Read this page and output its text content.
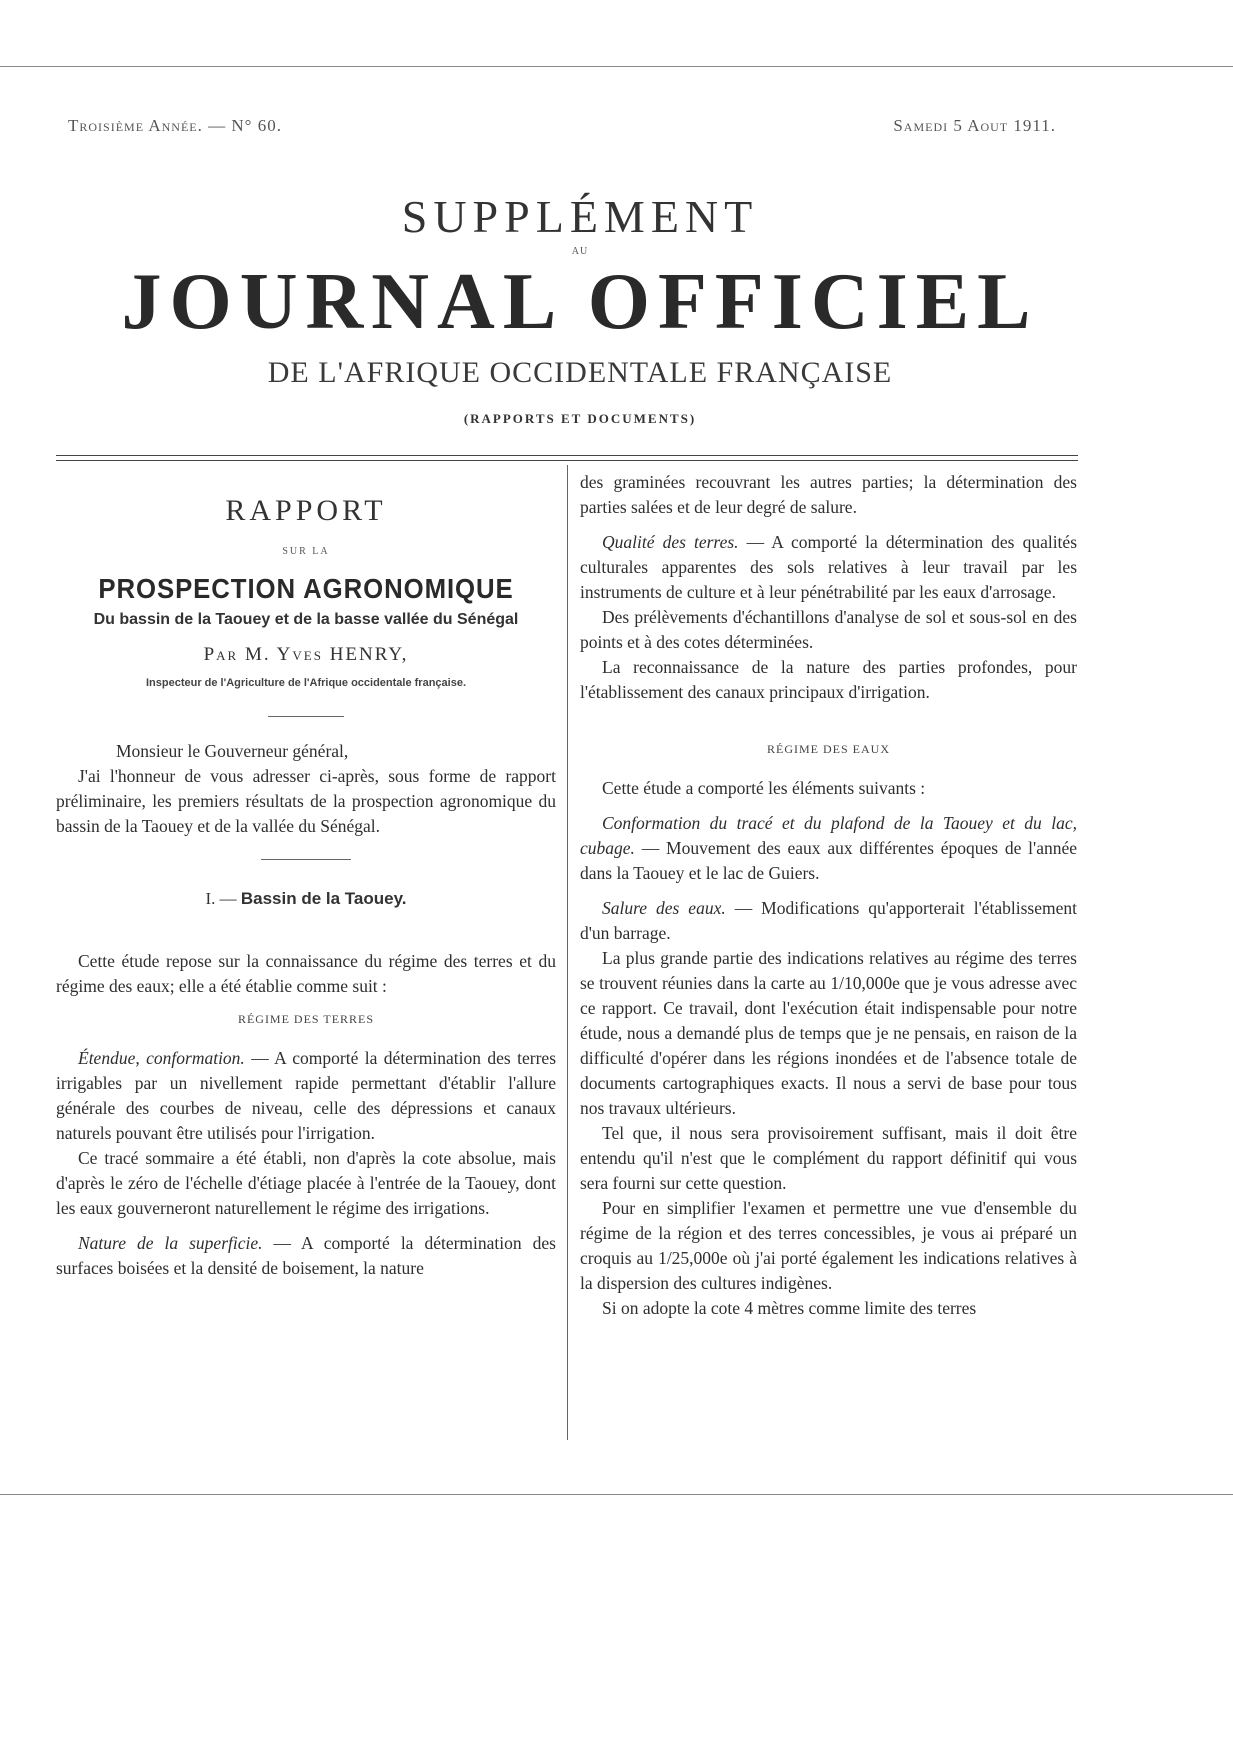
Troisième Année. — N° 60.	Samedi 5 Aout 1911.
SUPPLÉMENT
AU
JOURNAL OFFICIEL
DE L'AFRIQUE OCCIDENTALE FRANÇAISE
(RAPPORTS ET DOCUMENTS)
RAPPORT
SUR LA
PROSPECTION AGRONOMIQUE
Du bassin de la Taouey et de la basse vallée du Sénégal
Par M. Yves HENRY,
Inspecteur de l'Agriculture de l'Afrique occidentale française.

Monsieur le Gouverneur général,

J'ai l'honneur de vous adresser ci-après, sous forme de rapport préliminaire, les premiers résultats de la prospection agronomique du bassin de la Taouey et de la vallée du Sénégal.

I. — Bassin de la Taouey.

Cette étude repose sur la connaissance du régime des terres et du régime des eaux; elle a été établie comme suit :

RÉGIME DES TERRES

Étendue, conformation. — A comporté la détermination des terres irrigables par un nivellement rapide permettant d'établir l'allure générale des courbes de niveau, celle des dépressions et canaux naturels pouvant être utilisés pour l'irrigation.

Ce tracé sommaire a été établi, non d'après la cote absolue, mais d'après le zéro de l'échelle d'étiage placée à l'entrée de la Taouey, dont les eaux gouverneront naturellement le régime des irrigations.

Nature de la superficie. — A comporté la détermination des surfaces boisées et la densité de boisement, la nature

des graminées recouvrant les autres parties; la détermination des parties salées et de leur degré de salure.

Qualité des terres. — A comporté la détermination des qualités culturales apparentes des sols relatives à leur travail par les instruments de culture et à leur pénétrabilité par les eaux d'arrosage.

Des prélèvements d'échantillons d'analyse de sol et sous-sol en des points et à des cotes déterminées.

La reconnaissance de la nature des parties profondes, pour l'établissement des canaux principaux d'irrigation.

RÉGIME DES EAUX

Cette étude a comporté les éléments suivants :

Conformation du tracé et du plafond de la Taouey et du lac, cubage. — Mouvement des eaux aux différentes époques de l'année dans la Taouey et le lac de Guiers.

Salure des eaux. — Modifications qu'apporterait l'établissement d'un barrage.

La plus grande partie des indications relatives au régime des terres se trouvent réunies dans la carte au 1/10,000e que je vous adresse avec ce rapport. Ce travail, dont l'exécution était indispensable pour notre étude, nous a demandé plus de temps que je ne pensais, en raison de la difficulté d'opérer dans les régions inondées et de l'absence totale de documents cartographiques exacts. Il nous a servi de base pour tous nos travaux ultérieurs.

Tel que, il nous sera provisoirement suffisant, mais il doit être entendu qu'il n'est que le complément du rapport définitif qui vous sera fourni sur cette question.

Pour en simplifier l'examen et permettre une vue d'ensemble du régime de la région et des terres concessibles, je vous ai préparé un croquis au 1/25,000e où j'ai porté également les indications relatives à la dispersion des cultures indigènes.

Si on adopte la cote 4 mètres comme limite des terres
